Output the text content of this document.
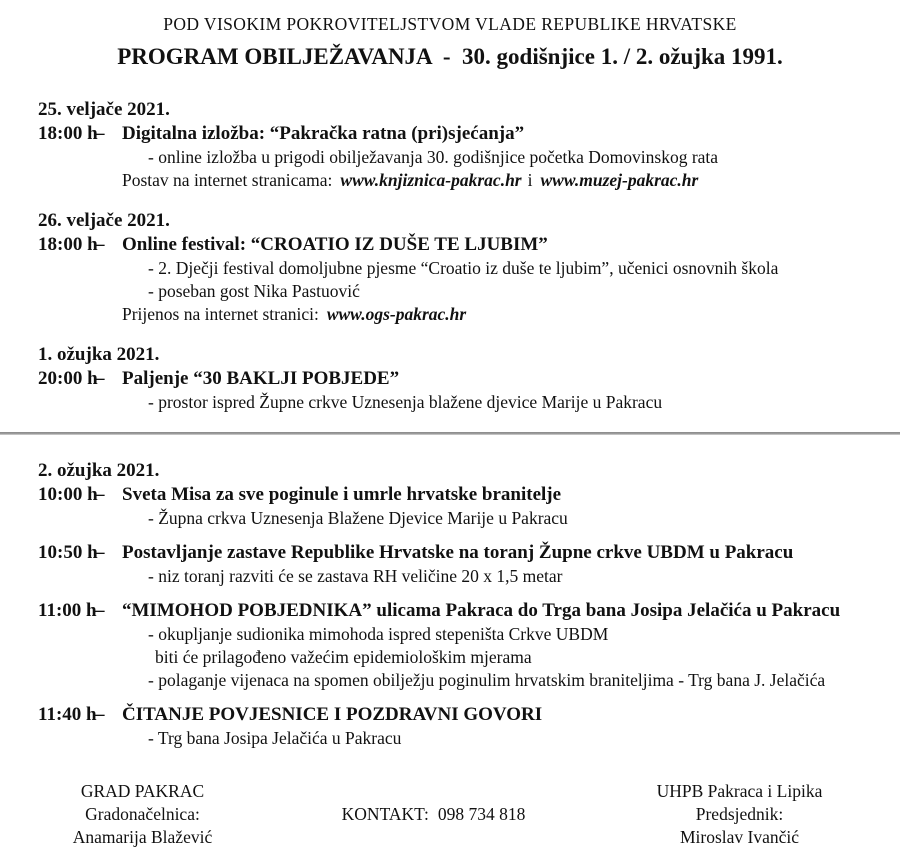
POD VISOKIM POKROVITELJSTVOM VLADE REPUBLIKE HRVATSKE
PROGRAM OBILJEŽAVANJA  -  30. godišnjice 1. / 2. ožujka 1991.
25. veljače 2021.
18:00 h– Digitalna izložba: “Pakračka ratna (pri)sjećanja”
- online izložba u prigodi obilježavanja 30. godišnjice početka Domovinskog rata
Postav na internet stranicama: www.knjiznica-pakrac.hr i www.muzej-pakrac.hr
26. veljače 2021.
18:00 h– Online festival: “CROATIO IZ DUŠE TE LJUBIM”
- 2. Dječji festival domoljubne pjesme “Croatio iz duše te ljubim”, učenici osnovnih škola
- poseban gost Nika Pastuović
Prijenos na internet stranici: www.ogs-pakrac.hr
1. ožujka 2021.
20:00 h– Paljenje “30 BAKLJI POBJEDE”
- prostor ispred Župne crkve Uznesenja blažene djevice Marije u Pakracu
2. ožujka 2021.
10:00 h– Sveta Misa za sve poginule i umrle hrvatske branitelje
- Župna crkva Uznesenja Blažene Djevice Marije u Pakracu
10:50 h– Postavljanje zastave Republike Hrvatske na toranj Župne crkve UBDM u Pakracu
- niz toranj razviti će se zastava RH veličine 20 x 1,5 metar
11:00 h– “MIMOHOD POBJEDNIKA” ulicama Pakraca do Trga bana Josipa Jelačića u Pakracu
- okupljanje sudionika mimohoda ispred stepeništa Crkve UBDM
biti će prilagođeno važećim epidemiološkim mjerama
- polaganje vijenaca na spomen obilježju poginulim hrvatskim braniteljima - Trg bana J. Jelačića
11:40 h– ČITANJE POVJESNICE I POZDRAVNI GOVORI
- Trg bana Josipa Jelačića u Pakracu
GRAD PAKRAC
Gradonačelnica:
Anamarija Blažević
KONTAKT: 098 734 818
UHPB Pakraca i Lipika
Predsjednik:
Miroslav Ivančić
